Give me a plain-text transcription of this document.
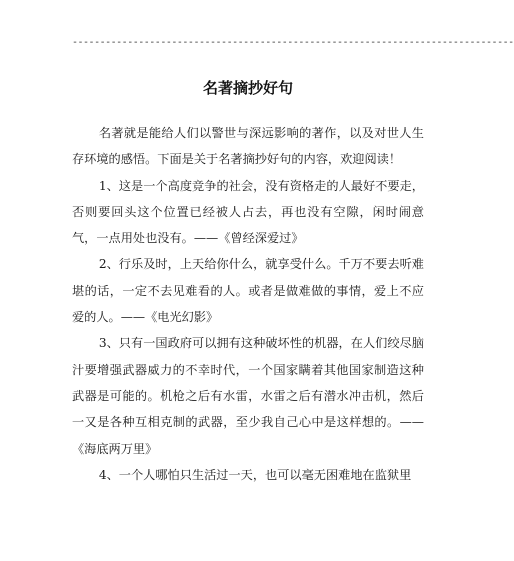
--------------------------------------------------------------------------------
名著摘抄好句

名著就是能给人们以警世与深远影响的著作，以及对世人生存环境的感悟。下面是关于名著摘抄好句的内容，欢迎阅读！

1、这是一个高度竞争的社会，没有资格走的人最好不要走，否则要回头这个位置已经被人占去，再也没有空隙，闲时闹意气，一点用处也没有。——《曾经深爱过》

2、行乐及时，上天给你什么，就享受什么。千万不要去听难堪的话，一定不去见难看的人。或者是做难做的事情，爱上不应爱的人。——《电光幻影》

3、只有一国政府可以拥有这种破坏性的机器，在人们绞尽脑汁要增强武器威力的不幸时代，一个国家瞒着其他国家制造这种武器是可能的。机枪之后有水雷，水雷之后有潜水冲击机，然后一又是各种互相克制的武器，至少我自己心中是这样想的。——《海底两万里》

4、一个人哪怕只生活过一天，也可以毫无困难地在监狱里
